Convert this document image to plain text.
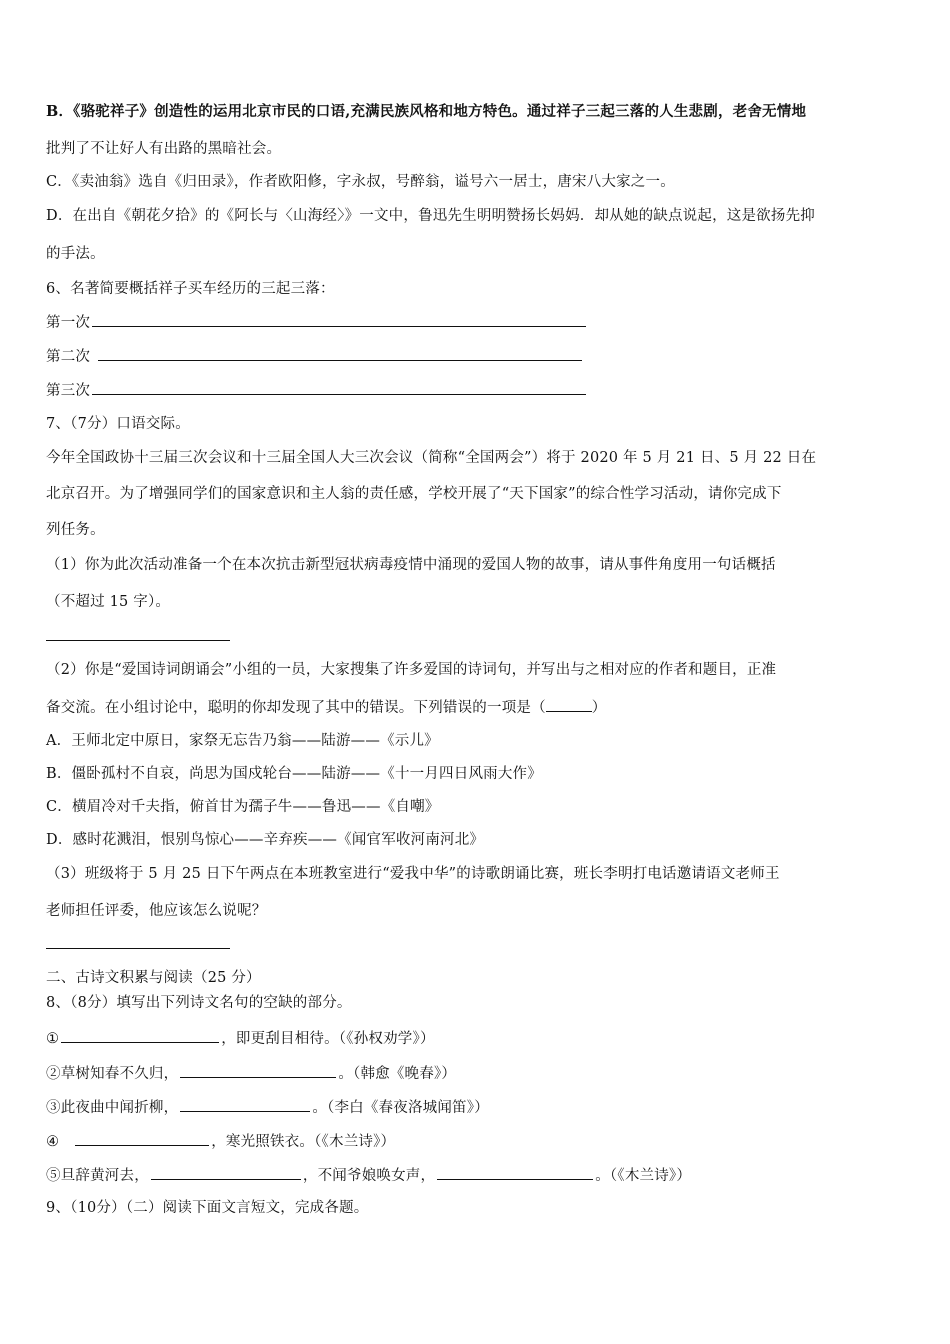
B．《骆驼祥子》创造性的运用北京市民的口语,充满民族风格和地方特色。通过祥子三起三落的人生悲剧，老舍无情地
批判了不让好人有出路的黑暗社会。
C．《卖油翁》选自《归田录》，作者欧阳修，字永叔，号醉翁，谥号六一居士，唐宋八大家之一。
D．在出自《朝花夕拾》的《阿长与〈山海经〉》一文中，鲁迅先生明明赞扬长妈妈．却从她的缺点说起，这是欲扬先抑
的手法。
6、名著简要概括祥子买车经历的三起三落：
第一次
第二次
第三次
7、（7分）口语交际。
今年全国政协十三届三次会议和十三届全国人大三次会议（简称“全国两会”）将于 2020 年 5 月 21 日、5 月 22 日在
北京召开。为了增强同学们的国家意识和主人翁的责任感，学校开展了“天下国家”的综合性学习活动，请你完成下
列任务。
（1）你为此次活动准备一个在本次抗击新型冠状病毒疫情中涌现的爱国人物的故事，请从事件角度用一句话概括
（不超过 15 字）。
（2）你是“爱国诗词朗诵会”小组的一员，大家搜集了许多爱国的诗词句，并写出与之相对应的作者和题目，正准
备交流。在小组讨论中，聪明的你却发现了其中的错误。下列错误的一项是（	）
A．王师北定中原日，家祭无忘告乃翁——陆游——《示儿》
B．僵卧孤村不自哀，尚思为国戍轮台——陆游——《十一月四日风雨大作》
C．横眉冷对千夫指，俯首甘为孺子牛——鲁迅——《自嘲》
D．感时花溅泪，恨别鸟惊心——辛弃疾——《闻官军收河南河北》
（3）班级将于 5 月 25 日下午两点在本班教室进行“爱我中华”的诗歌朗诵比赛，班长李明打电话邀请语文老师王
老师担任评委，他应该怎么说呢？
二、古诗文积累与阅读（25 分）
8、（8分）填写出下列诗文名句的空缺的部分。
①	，即更刮目相待。（《孙权劝学》）
②草树知春不久归，	。（韩愈《晚春》）
③此夜曲中闻折柳，	。（李白《春夜洛城闻笛》）
④	，寒光照铁衣。（《木兰诗》）
⑤旦辞黄河去，	，不闻爷娘唤女声，	。（《木兰诗》）
9、（10分）（二）阅读下面文言短文，完成各题。
